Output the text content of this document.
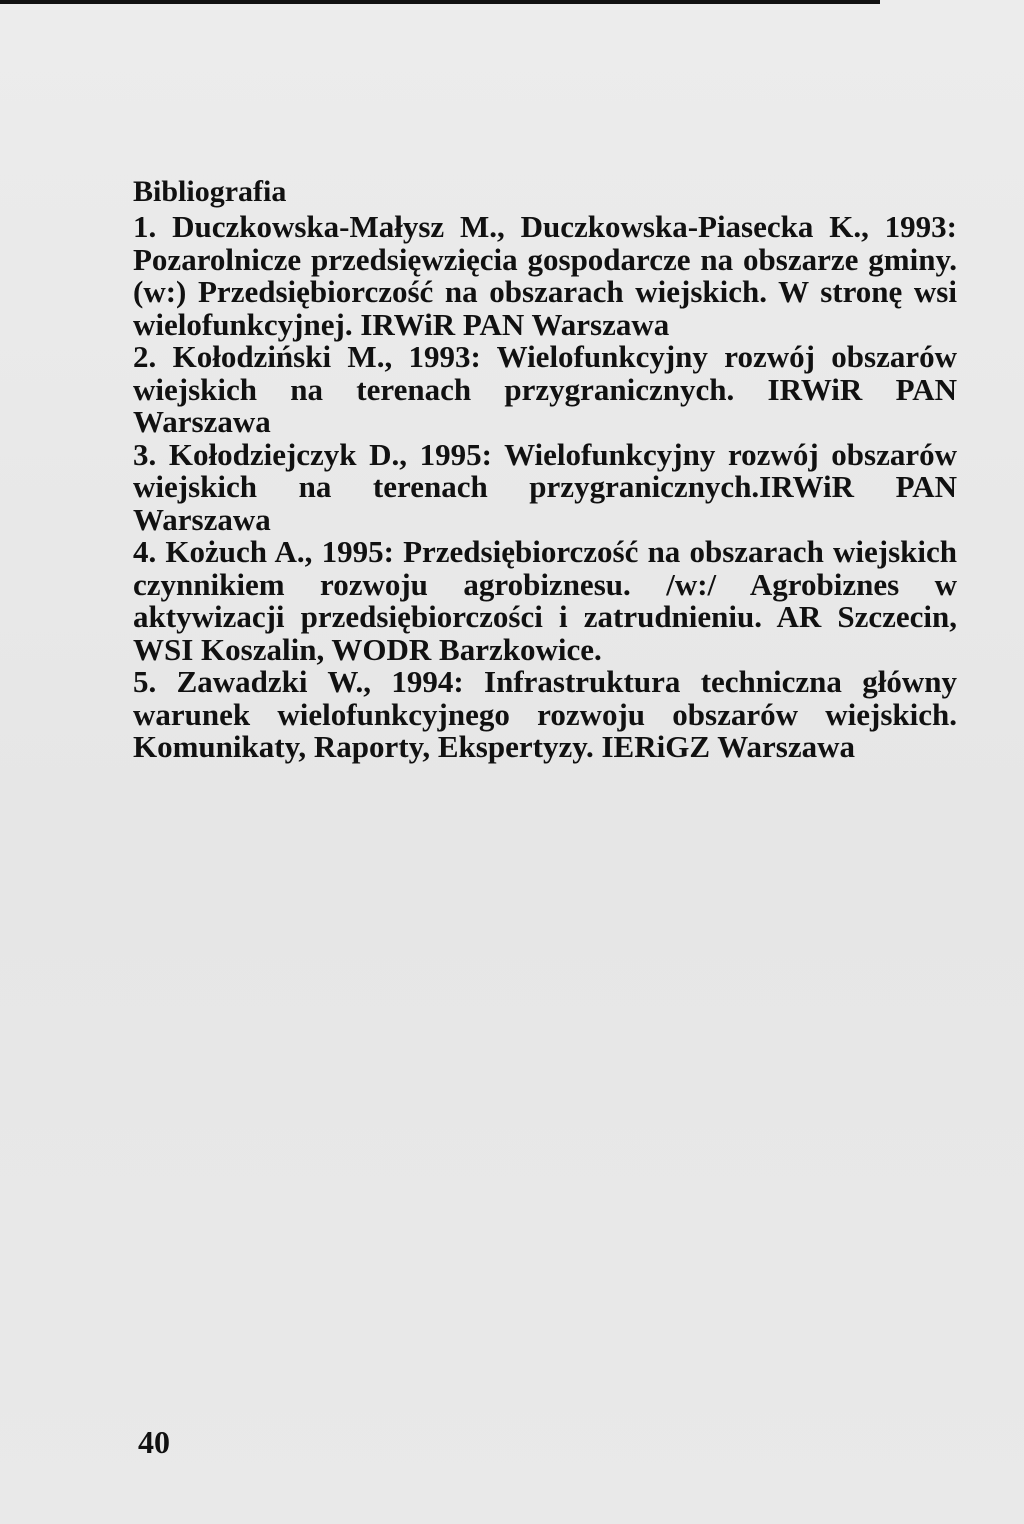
Bibliografia
1. Duczkowska-Małysz M., Duczkowska-Piasecka K., 1993: Pozarolnicze przedsięwzięcia gospodarcze na obszarze gminy. (w:) Przedsiębiorczość na obszarach wiejskich. W stronę wsi wielofunkcyjnej. IRWiR PAN Warszawa
2. Kołodziński M., 1993: Wielofunkcyjny rozwój obszarów wiejskich na terenach przygranicznych. IRWiR PAN Warszawa
3. Kołodziejczyk D., 1995: Wielofunkcyjny rozwój obszarów wiejskich na terenach przygranicznych.IRWiR PAN Warszawa
4. Kożuch A., 1995: Przedsiębiorczość na obszarach wiejskich czynnikiem rozwoju agrobiznesu. /w:/ Agrobiznes w aktywizacji przedsiębiorczości i zatrudnieniu. AR Szczecin, WSI Koszalin, WODR Barzkowice.
5. Zawadzki W., 1994: Infrastruktura techniczna główny warunek wielofunkcyjnego rozwoju obszarów wiejskich. Komunikaty, Raporty, Ekspertyzy. IERiGZ Warszawa
40
